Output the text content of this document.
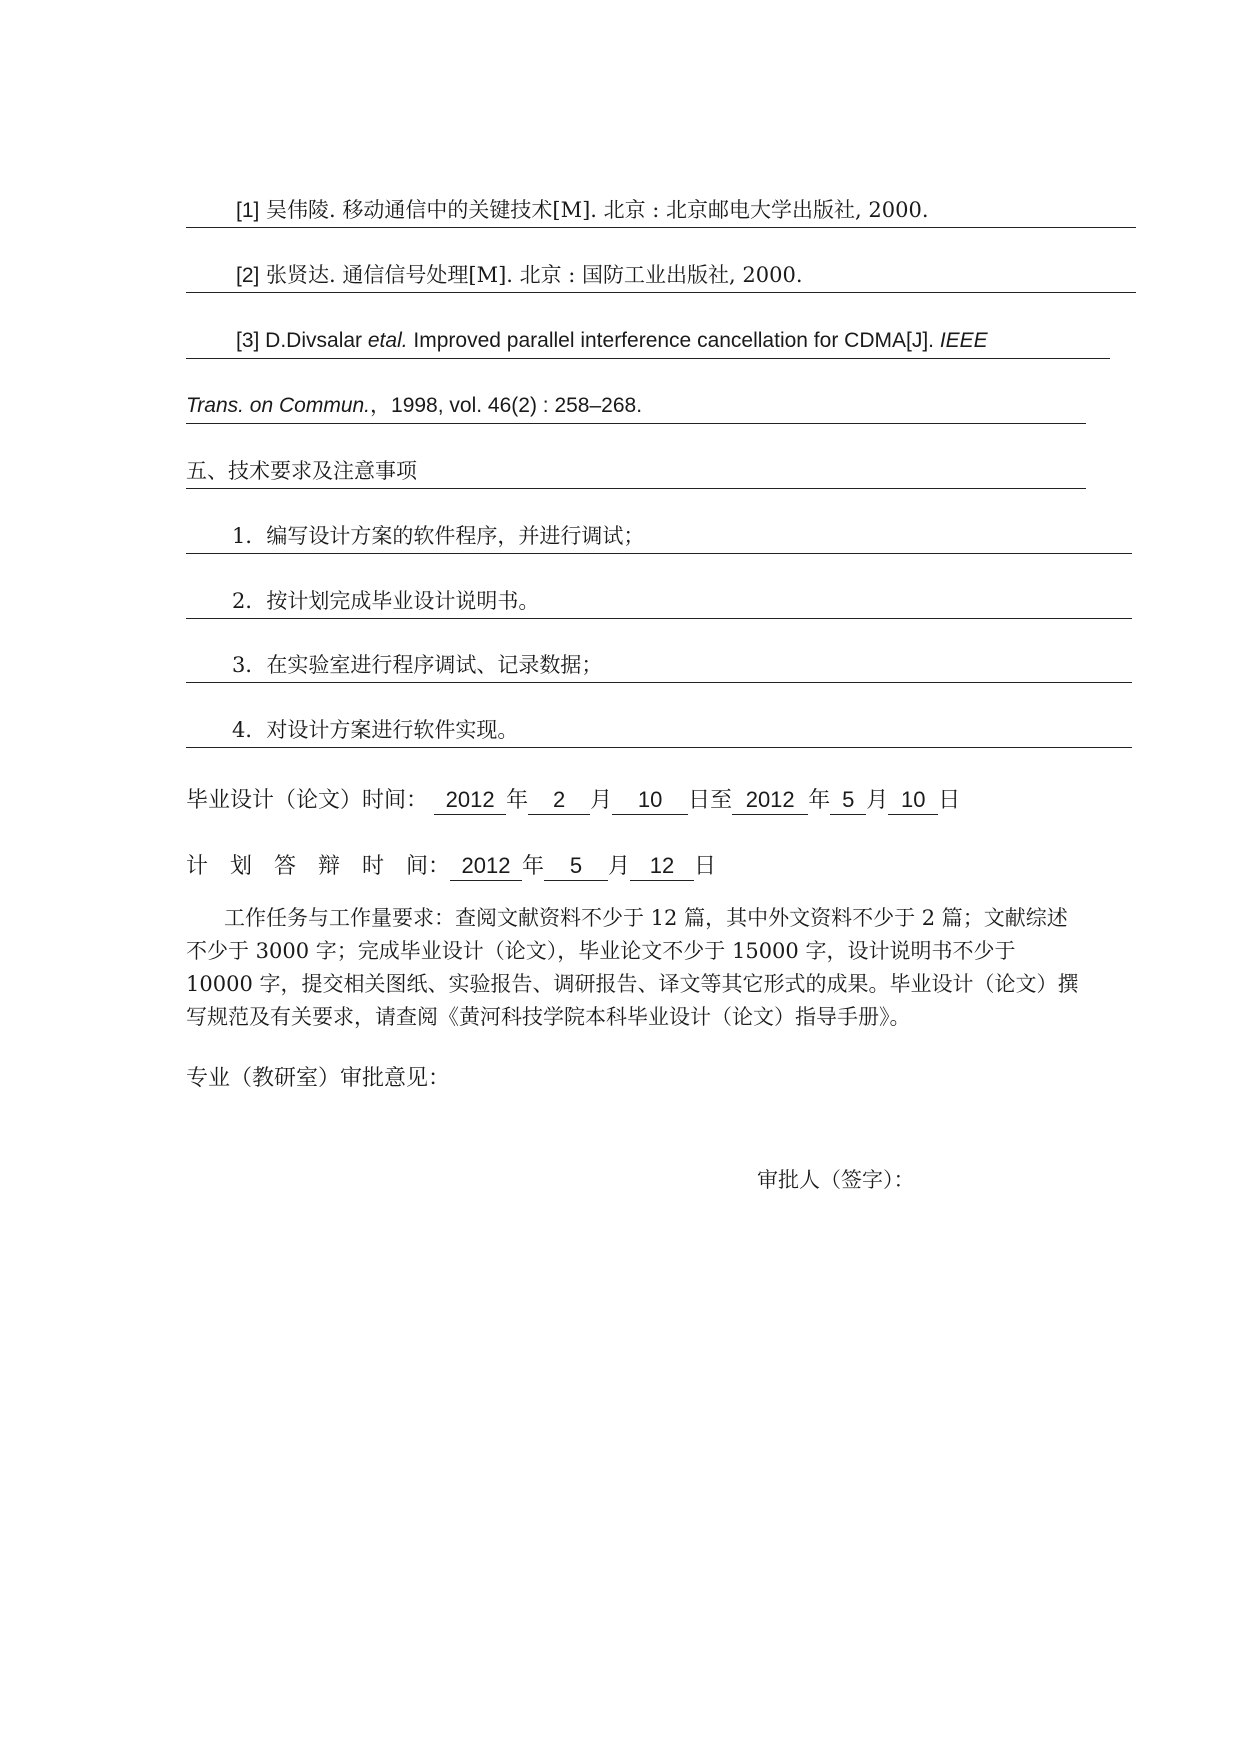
[1] 吴伟陵. 移动通信中的关键技术[M]. 北京 : 北京邮电大学出版社, 2000.
[2] 张贤达. 通信信号处理[M]. 北京 : 国防工业出版社, 2000.
[3] D.Divsalar etal. Improved parallel interference cancellation for CDMA[J]. IEEE
Trans. on Commun.，1998, vol. 46(2) : 258–268.
五、技术要求及注意事项
1．编写设计方案的软件程序，并进行调试；
2．按计划完成毕业设计说明书。
3．在实验室进行程序调试、记录数据；
4．对设计方案进行软件实现。
毕业设计（论文）时间： 2012 年 2 月 10 日至 2012 年 5 月 10 日
计　划　答　辩　时　间： 2012 年 5 月 12 日
工作任务与工作量要求：查阅文献资料不少于 12 篇，其中外文资料不少于 2 篇；文献综述不少于 3000 字；完成毕业设计（论文），毕业论文不少于 15000 字，设计说明书不少于 10000 字，提交相关图纸、实验报告、调研报告、译文等其它形式的成果。毕业设计（论文）撰写规范及有关要求，请查阅《黄河科技学院本科毕业设计（论文）指导手册》。
专业（教研室）审批意见：
审批人（签字）：
